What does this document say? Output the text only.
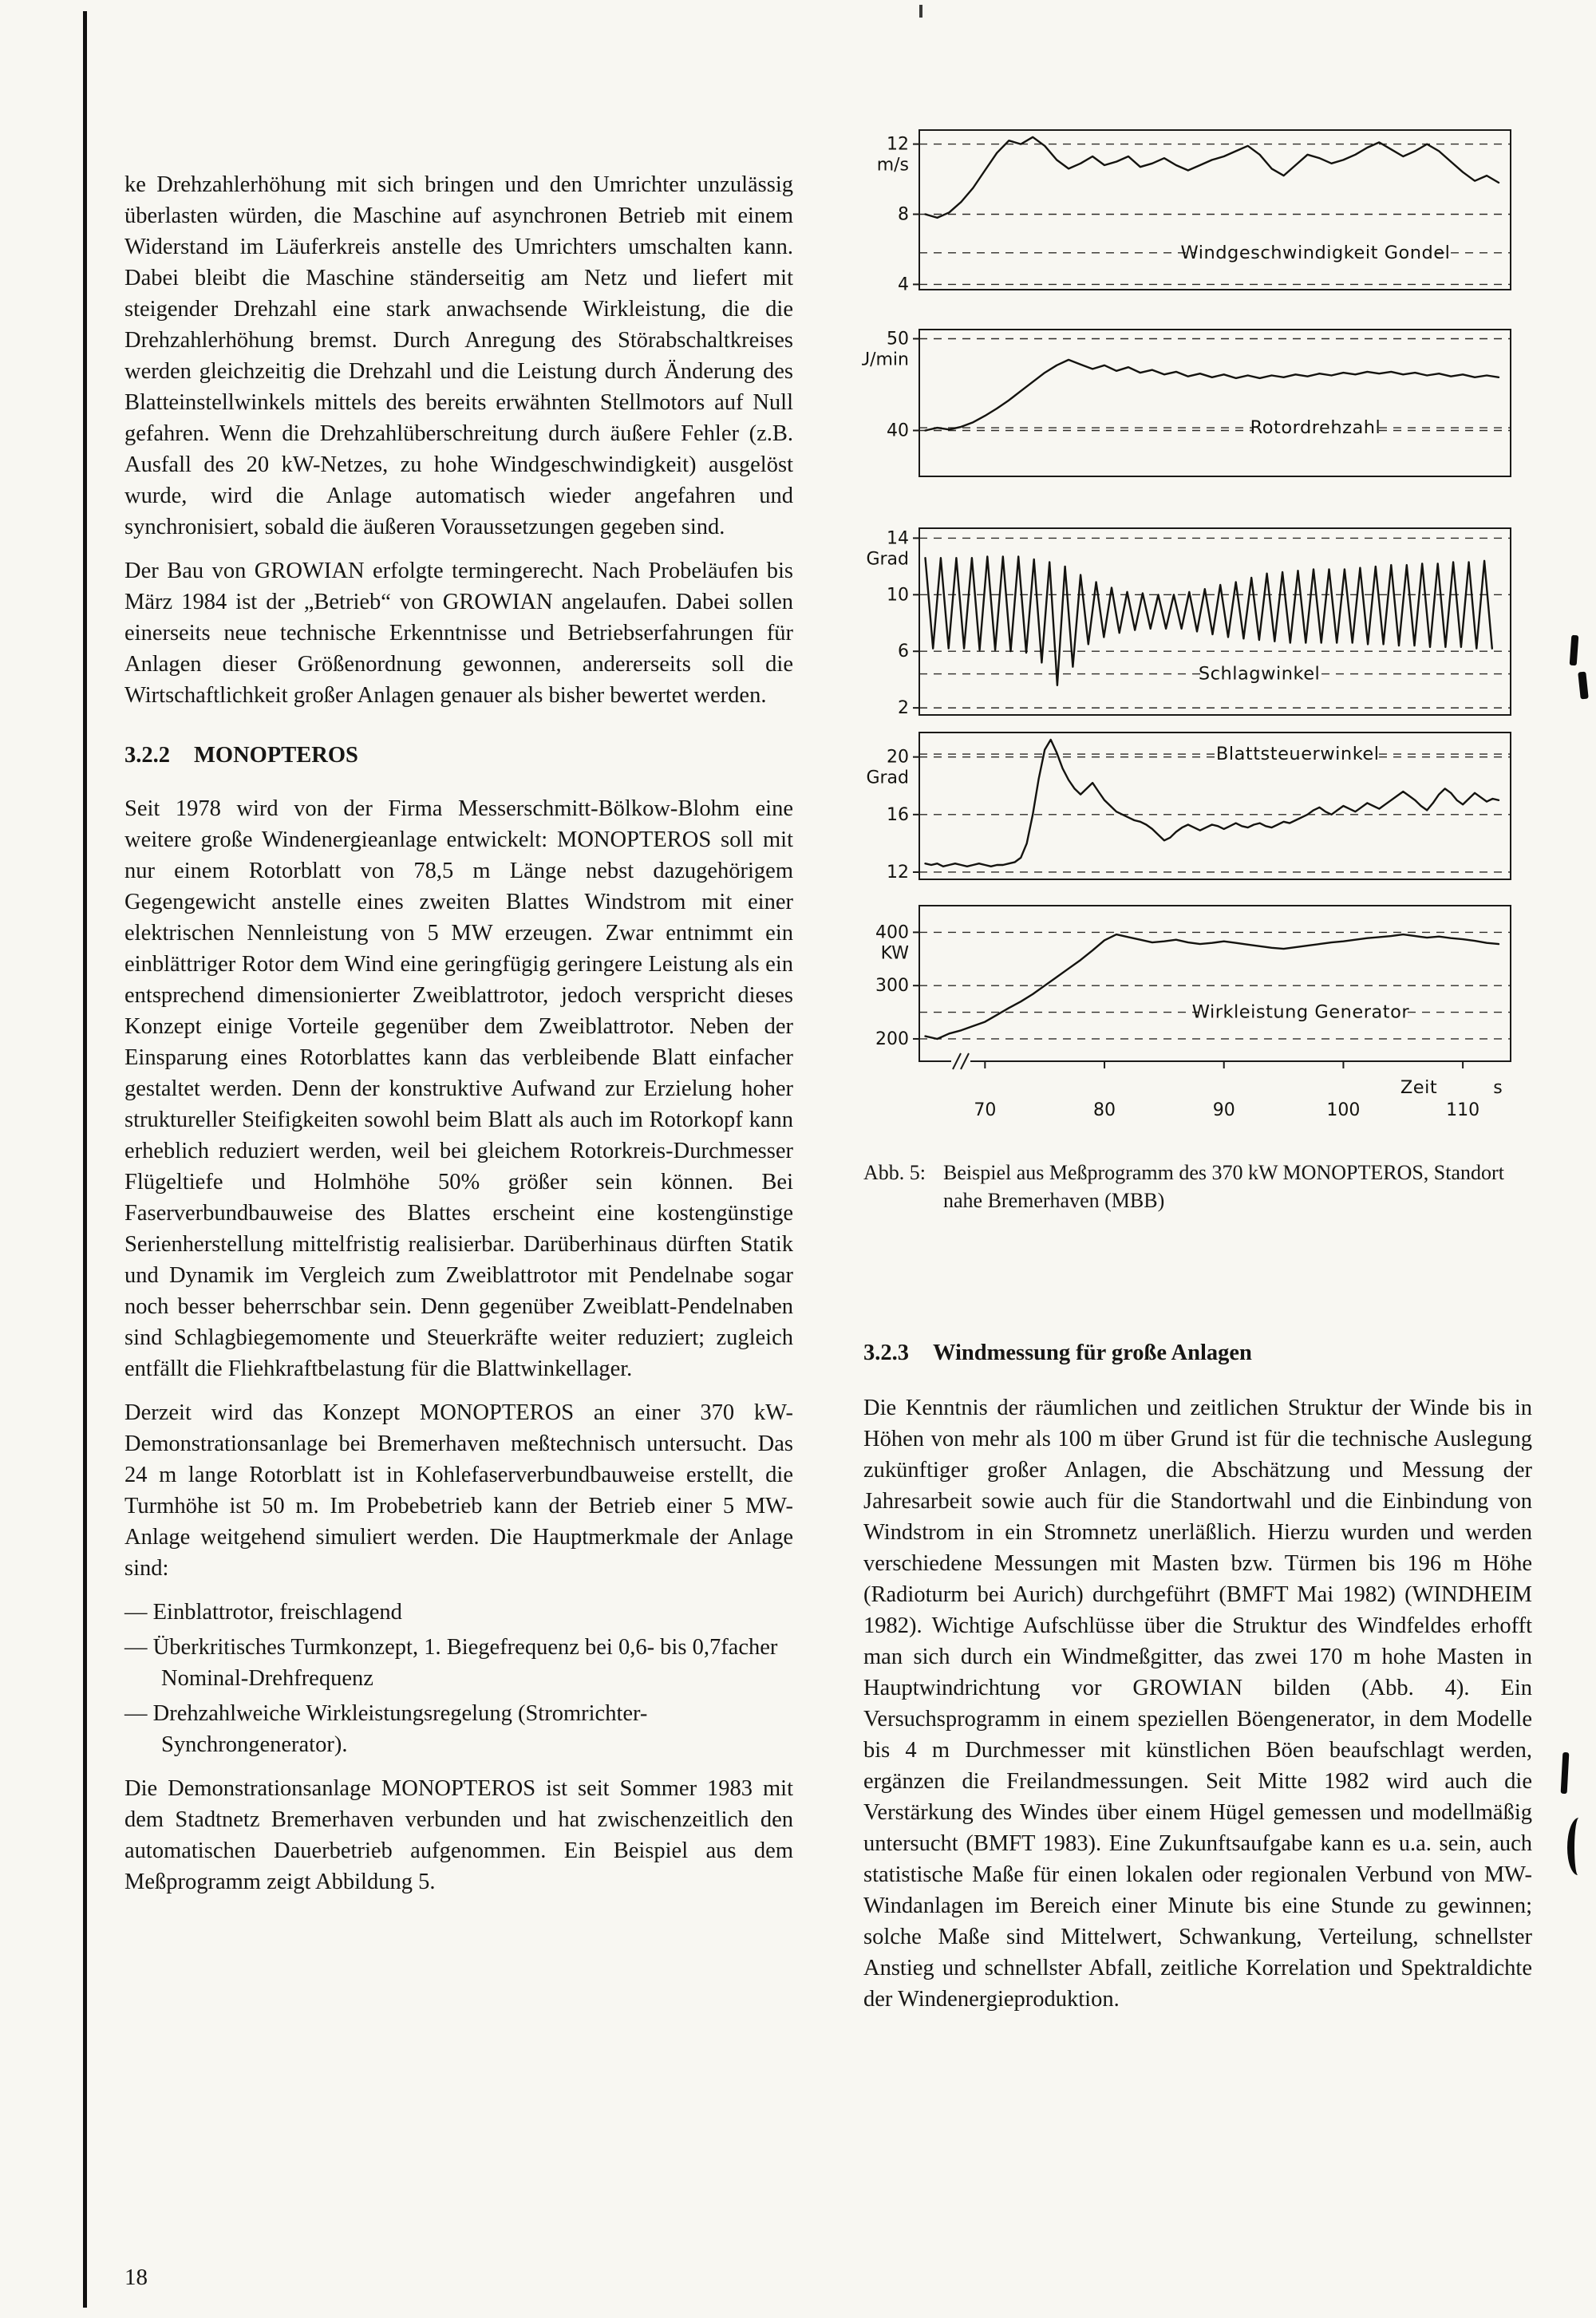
ke Drehzahlerhöhung mit sich bringen und den Umrichter unzulässig überlasten würden, die Maschine auf asynchronen Betrieb mit einem Widerstand im Läuferkreis anstelle des Umrichters umschalten kann. Dabei bleibt die Maschine ständerseitig am Netz und liefert mit steigender Drehzahl eine stark anwachsende Wirkleistung, die die Drehzahlerhöhung bremst. Durch Anregung des Störabschaltkreises werden gleichzeitig die Drehzahl und die Leistung durch Änderung des Blatteinstellwinkels mittels des bereits erwähnten Stellmotors auf Null gefahren. Wenn die Drehzahlüberschreitung durch äußere Fehler (z.B. Ausfall des 20 kW-Netzes, zu hohe Windgeschwindigkeit) ausgelöst wurde, wird die Anlage automatisch wieder angefahren und synchronisiert, sobald die äußeren Voraussetzungen gegeben sind.

Der Bau von GROWIAN erfolgte termingerecht. Nach Probeläufen bis März 1984 ist der „Betrieb“ von GROWIAN angelaufen. Dabei sollen einerseits neue technische Erkenntnisse und Betriebserfahrungen für Anlagen dieser Größenordnung gewonnen, andererseits soll die Wirtschaftlichkeit großer Anlagen genauer als bisher bewertet werden.

3.2.2 MONOPTEROS

Seit 1978 wird von der Firma Messerschmitt-Bölkow-Blohm eine weitere große Windenergieanlage entwickelt: MONOPTEROS soll mit nur einem Rotorblatt von 78,5 m Länge nebst dazugehörigem Gegengewicht anstelle eines zweiten Blattes Windstrom mit einer elektrischen Nennleistung von 5 MW erzeugen. Zwar entnimmt ein einblättriger Rotor dem Wind eine geringfügig geringere Leistung als ein entsprechend dimensionierter Zweiblattrotor, jedoch verspricht dieses Konzept einige Vorteile gegenüber dem Zweiblattrotor. Neben der Einsparung eines Rotorblattes kann das verbleibende Blatt einfacher gestaltet werden. Denn der konstruktive Aufwand zur Erzielung hoher struktureller Steifigkeiten sowohl beim Blatt als auch im Rotorkopf kann erheblich reduziert werden, weil bei gleichem Rotorkreis-Durchmesser Flügeltiefe und Holmhöhe 50% größer sein können. Bei Faserverbundbauweise des Blattes erscheint eine kostengünstige Serienherstellung mittelfristig realisierbar. Darüberhinaus dürften Statik und Dynamik im Vergleich zum Zweiblattrotor mit Pendelnabe sogar noch besser beherrschbar sein. Denn gegenüber Zweiblatt-Pendelnaben sind Schlagbiegemomente und Steuerkräfte weiter reduziert; zugleich entfällt die Fliehkraftbelastung für die Blattwinkellager.

Derzeit wird das Konzept MONOPTEROS an einer 370 kW-Demonstrationsanlage bei Bremerhaven meßtechnisch untersucht. Das 24 m lange Rotorblatt ist in Kohlefaserverbundbauweise erstellt, die Turmhöhe ist 50 m. Im Probebetrieb kann der Betrieb einer 5 MW-Anlage weitgehend simuliert werden. Die Hauptmerkmale der Anlage sind:

— Einblattrotor, freischlagend

— Überkritisches Turmkonzept, 1. Biegefrequenz bei 0,6- bis 0,7facher Nominal-Drehfrequenz

— Drehzahlweiche Wirkleistungsregelung (Stromrichter-Synchrongenerator).

Die Demonstrationsanlage MONOPTEROS ist seit Sommer 1983 mit dem Stadtnetz Bremerhaven verbunden und hat zwischenzeitlich den automatischen Dauerbetrieb aufgenommen. Ein Beispiel aus dem Meßprogramm zeigt Abbildung 5.

12
m/s
8
4
Windgeschwindigkeit Gondel
50
U/min
40	Rotordrehzahl
14
Grad
10
6
2
Schlagwinkel
20
Grad
16
12
Blattsteuerwinkel
400
KW
300
200
Wirkleistung Generator
70	80	90	100	110
Zeit	s
Abb. 5: Beispiel aus Meßprogramm des 370 kW MONOPTEROS, Standort nahe Bremerhaven (MBB)
3.2.3 Windmessung für große Anlagen

Die Kenntnis der räumlichen und zeitlichen Struktur der Winde bis in Höhen von mehr als 100 m über Grund ist für die technische Auslegung zukünftiger großer Anlagen, die Abschätzung und Messung der Jahresarbeit sowie auch für die Standortwahl und die Einbindung von Windstrom in ein Stromnetz unerläßlich. Hierzu wurden und werden verschiedene Messungen mit Masten bzw. Türmen bis 196 m Höhe (Radioturm bei Aurich) durchgeführt (BMFT Mai 1982) (WINDHEIM 1982). Wichtige Aufschlüsse über die Struktur des Windfeldes erhofft man sich durch ein Windmeßgitter, das zwei 170 m hohe Masten in Hauptwindrichtung vor GROWIAN bilden (Abb. 4). Ein Versuchsprogramm in einem speziellen Böengenerator, in dem Modelle bis 4 m Durchmesser mit künstlichen Böen beaufschlagt werden, ergänzen die Freilandmessungen. Seit Mitte 1982 wird auch die Verstärkung des Windes über einem Hügel gemessen und modellmäßig untersucht (BMFT 1983). Eine Zukunftsaufgabe kann es u.a. sein, auch statistische Maße für einen lokalen oder regionalen Verbund von MW-Windanlagen im Bereich einer Minute bis eine Stunde zu gewinnen; solche Maße sind Mittelwert, Schwankung, Verteilung, schnellster Anstieg und schnellster Abfall, zeitliche Korrelation und Spektraldichte der Windenergieproduktion.

18
